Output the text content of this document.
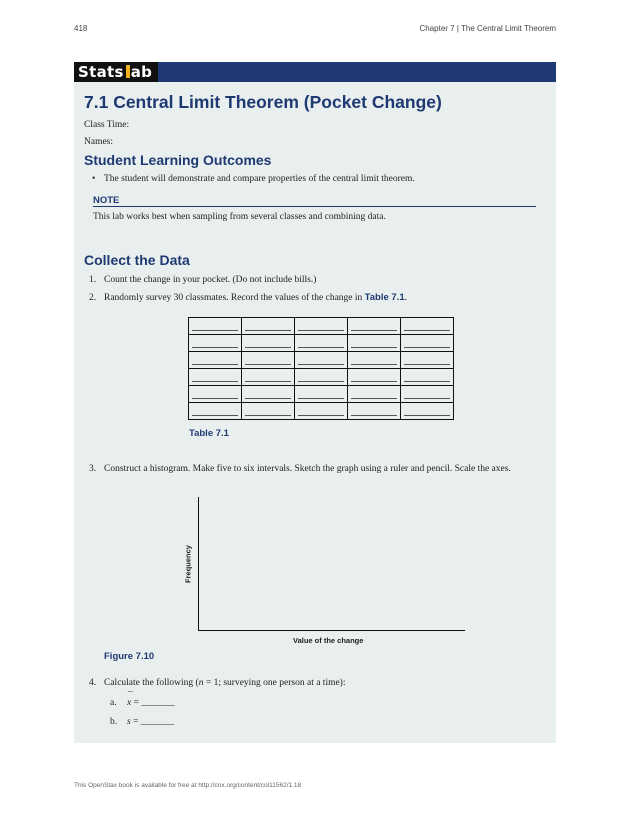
418	Chapter 7 | The Central Limit Theorem
Stats ab
7.1 Central Limit Theorem (Pocket Change)
Class Time:
Names:
Student Learning Outcomes
• The student will demonstrate and compare properties of the central limit theorem.
NOTE
This lab works best when sampling from several classes and combining data.
Collect the Data
1. Count the change in your pocket. (Do not include bills.)
2. Randomly survey 30 classmates. Record the values of the change in Table 7.1.

Table 7.1
3. Construct a histogram. Make five to six intervals. Sketch the graph using a ruler and pencil. Scale the axes.
Frequency
Value of the change
Figure 7.10
4. Calculate the following (n = 1; surveying one person at a time):
a.¯ x = _______
b. s = _______
This OpenStax book is available for free at http://cnx.org/content/col11562/1.18
